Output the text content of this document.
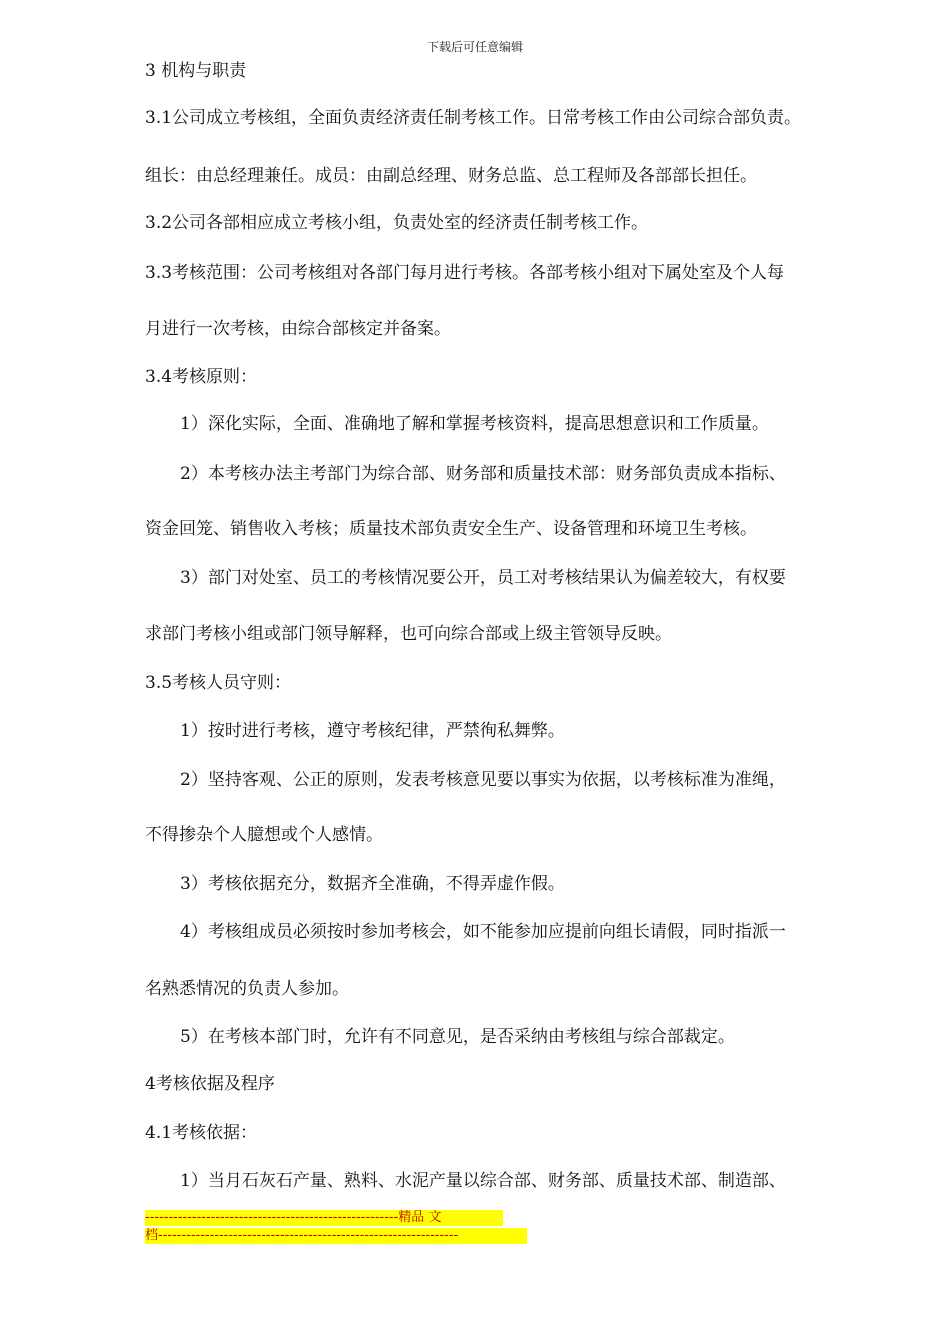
下载后可任意编辑
3 机构与职责
3.1公司成立考核组，全面负责经济责任制考核工作。日常考核工作由公司综合部负责。
组长：由总经理兼任。成员：由副总经理、财务总监、总工程师及各部部长担任。
3.2公司各部相应成立考核小组，负责处室的经济责任制考核工作。
3.3考核范围：公司考核组对各部门每月进行考核。各部考核小组对下属处室及个人每
月进行一次考核，由综合部核定并备案。
3.4考核原则：
1）深化实际，全面、准确地了解和掌握考核资料，提高思想意识和工作质量。
2）本考核办法主考部门为综合部、财务部和质量技术部：财务部负责成本指标、
资金回笼、销售收入考核；质量技术部负责安全生产、设备管理和环境卫生考核。
3）部门对处室、员工的考核情况要公开，员工对考核结果认为偏差较大，有权要
求部门考核小组或部门领导解释，也可向综合部或上级主管领导反映。
3.5考核人员守则：
1）按时进行考核，遵守考核纪律，严禁徇私舞弊。
2）坚持客观、公正的原则，发表考核意见要以事实为依据，以考核标准为准绳，
不得掺杂个人臆想或个人感情。
3）考核依据充分，数据齐全准确，不得弄虚作假。
4）考核组成员必须按时参加考核会，如不能参加应提前向组长请假，同时指派一
名熟悉情况的负责人参加。
5）在考核本部门时，允许有不同意见，是否采纳由考核组与综合部裁定。
4考核依据及程序
4.1考核依据：
1）当月石灰石产量、熟料、水泥产量以综合部、财务部、质量技术部、制造部、
------------------------------------------------------精品 文
档----------------------------------------------------------------
